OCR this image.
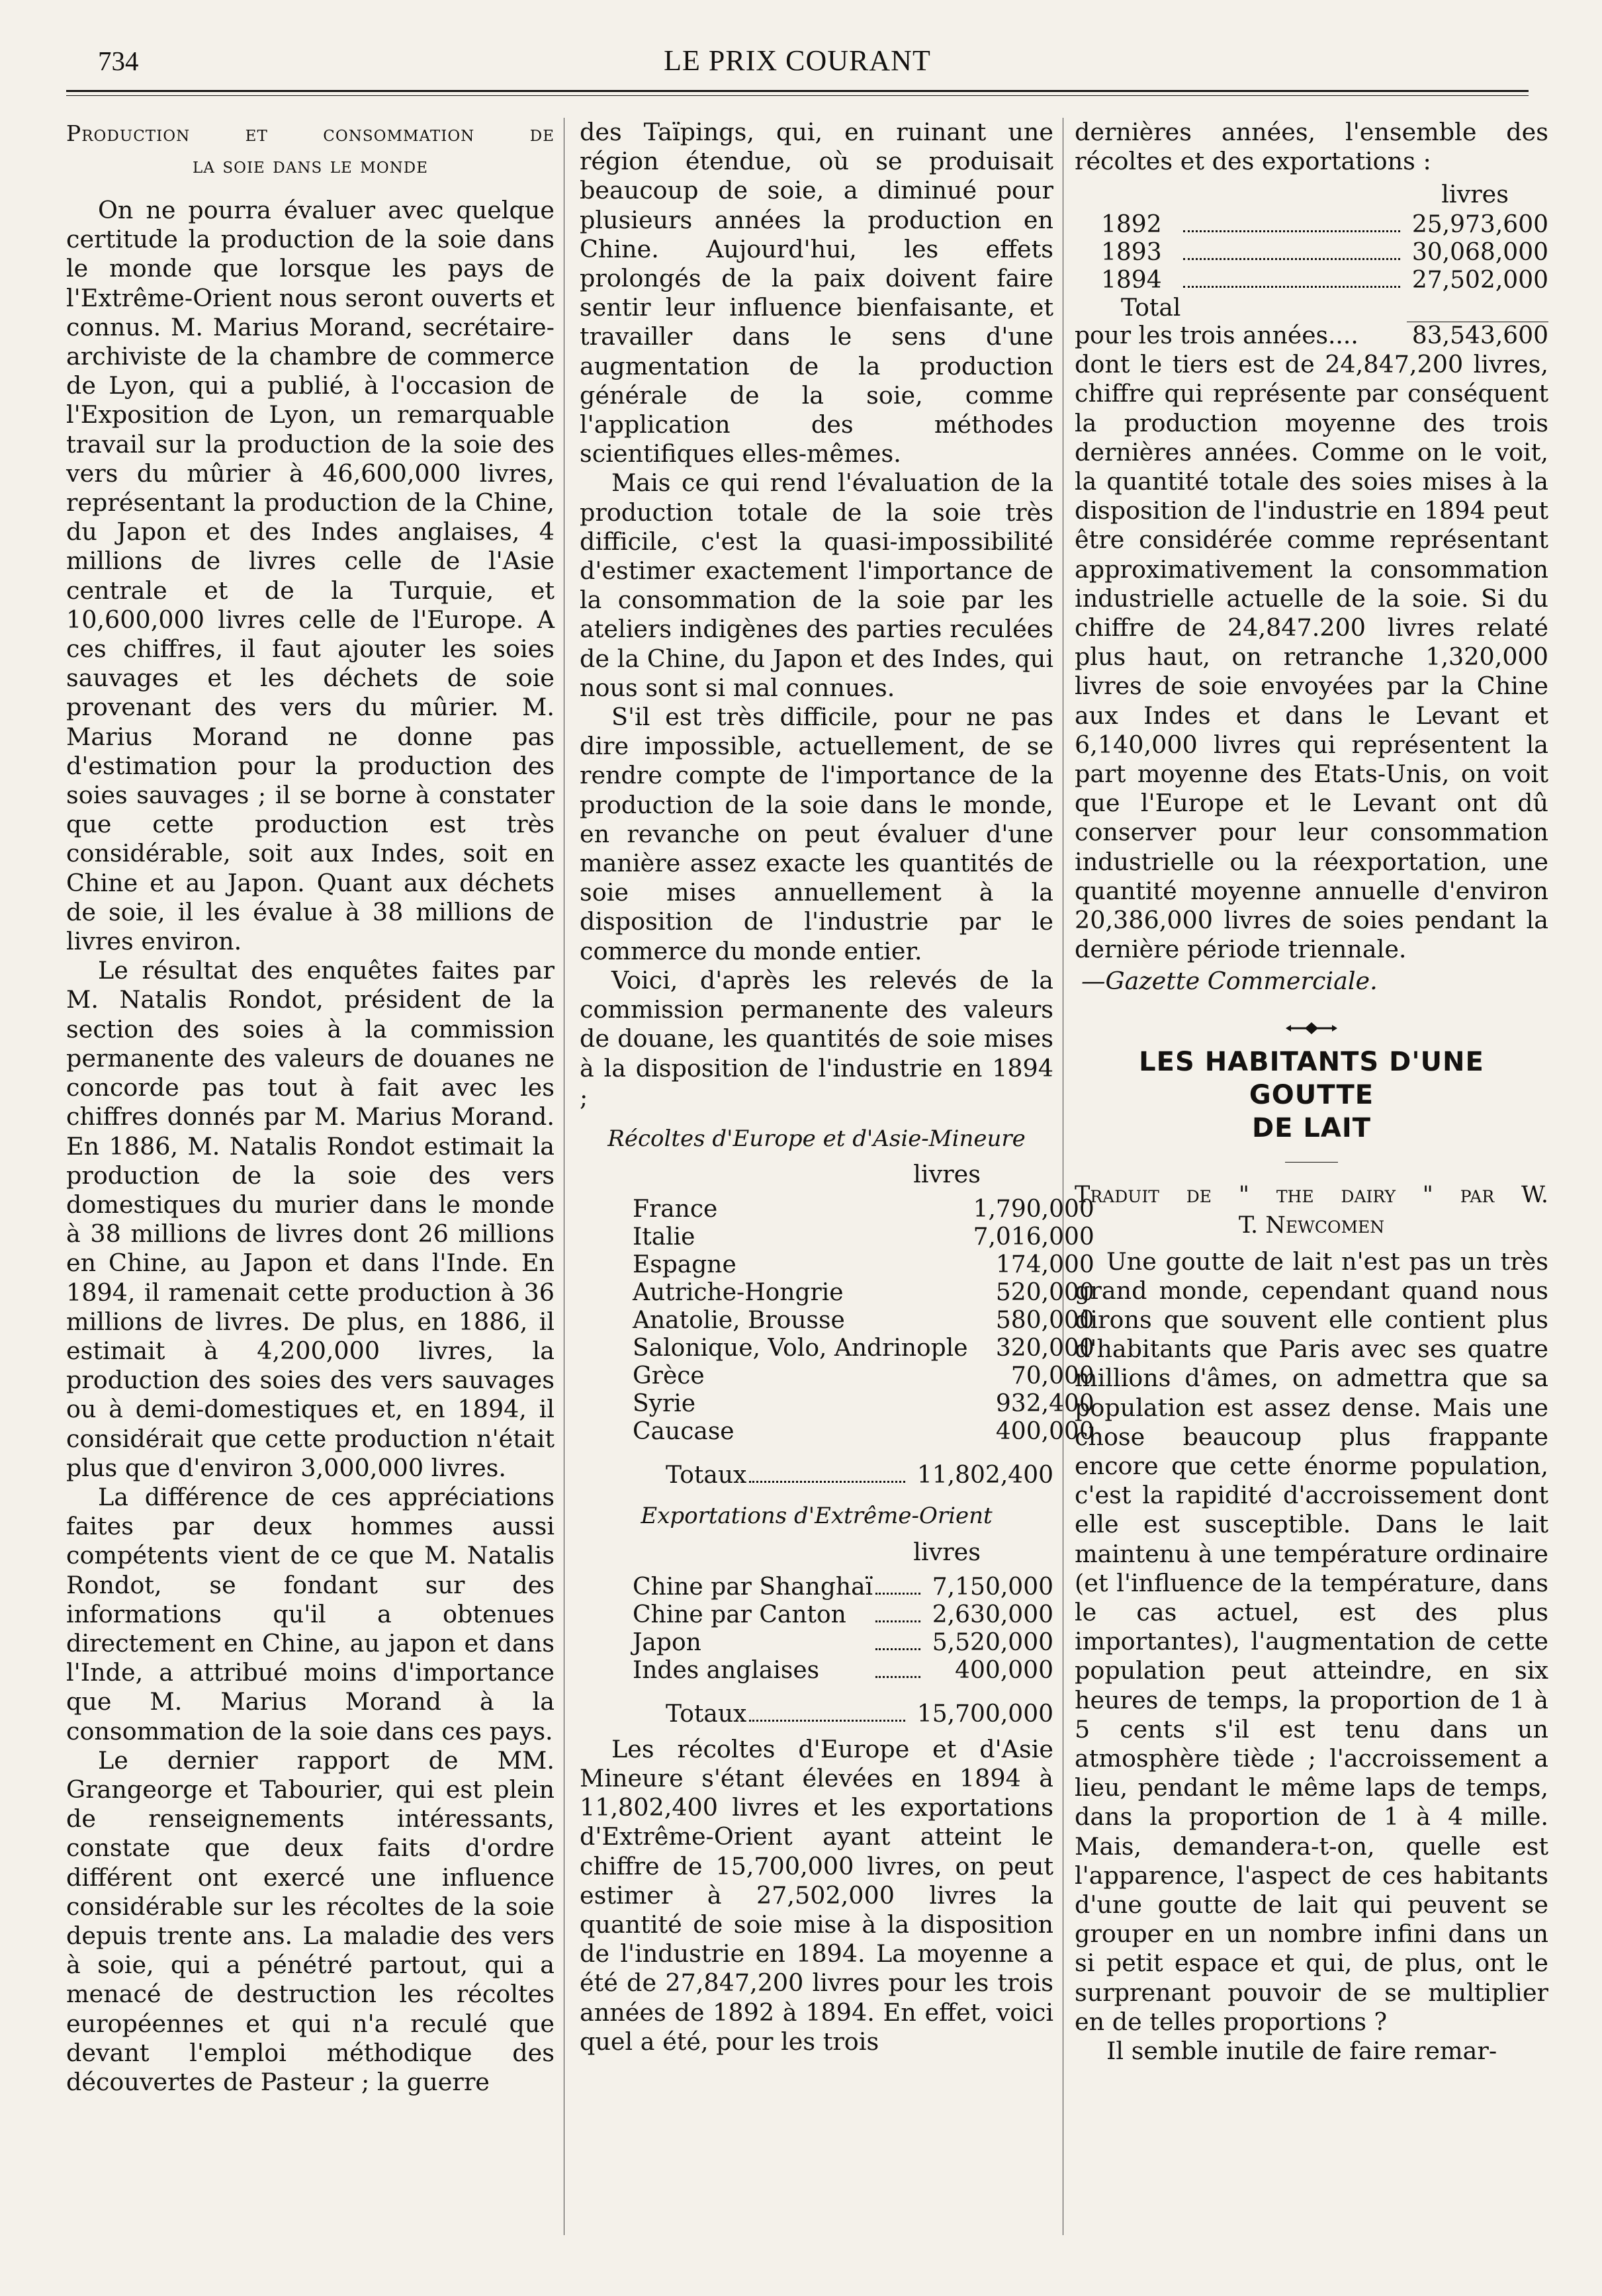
734	LE PRIX COURANT
Production et consommation de
la soie dans le monde

On ne pourra évaluer avec quelque certitude la production de la soie dans le monde que lorsque les pays de l'Extrême-Orient nous seront ouverts et connus. M. Marius Morand, secrétaire-archiviste de la chambre de commerce de Lyon, qui a publié, à l'occasion de l'Exposition de Lyon, un remarquable travail sur la production de la soie des vers du mûrier à 46,600,000 livres, représentant la production de la Chine, du Japon et des Indes anglaises, 4 millions de livres celle de l'Asie centrale et de la Turquie, et 10,600,000 livres celle de l'Europe. A ces chiffres, il faut ajouter les soies sauvages et les déchets de soie provenant des vers du mûrier. M. Marius Morand ne donne pas d'estimation pour la production des soies sauvages ; il se borne à constater que cette production est très considérable, soit aux Indes, soit en Chine et au Japon. Quant aux déchets de soie, il les évalue à 38 millions de livres environ.

Le résultat des enquêtes faites par M. Natalis Rondot, président de la section des soies à la commission permanente des valeurs de douanes ne concorde pas tout à fait avec les chiffres donnés par M. Marius Morand. En 1886, M. Natalis Rondot estimait la production de la soie des vers domestiques du murier dans le monde à 38 millions de livres dont 26 millions en Chine, au Japon et dans l'Inde. En 1894, il ramenait cette production à 36 millions de livres. De plus, en 1886, il estimait à 4,200,000 livres, la production des soies des vers sauvages ou à demi-domestiques et, en 1894, il considérait que cette production n'était plus que d'environ 3,000,000 livres.

La différence de ces appréciations faites par deux hommes aussi compétents vient de ce que M. Natalis Rondot, se fondant sur des informations qu'il a obtenues directement en Chine, au japon et dans l'Inde, a attribué moins d'importance que M. Marius Morand à la consommation de la soie dans ces pays.

Le dernier rapport de MM. Grangeorge et Tabourier, qui est plein de renseignements intéressants, constate que deux faits d'ordre différent ont exercé une influence considérable sur les récoltes de la soie depuis trente ans. La maladie des vers à soie, qui a pénétré partout, qui a menacé de destruction les récoltes européennes et qui n'a reculé que devant l'emploi méthodique des découvertes de Pasteur ; la guerre

des Taïpings, qui, en ruinant une région étendue, où se produisait beaucoup de soie, a diminué pour plusieurs années la production en Chine. Aujourd'hui, les effets prolongés de la paix doivent faire sentir leur influence bienfaisante, et travailler dans le sens d'une augmentation de la production générale de la soie, comme l'application des méthodes scientifiques elles-mêmes.

Mais ce qui rend l'évaluation de la production totale de la soie très difficile, c'est la quasi-impossibilité d'estimer exactement l'importance de la consommation de la soie par les ateliers indigènes des parties reculées de la Chine, du Japon et des Indes, qui nous sont si mal connues.

S'il est très difficile, pour ne pas dire impossible, actuellement, de se rendre compte de l'importance de la production de la soie dans le monde, en revanche on peut évaluer d'une manière assez exacte les quantités de soie mises annuellement à la disposition de l'industrie par le commerce du monde entier.

Voici, d'après les relevés de la commission permanente des valeurs de douane, les quantités de soie mises à la disposition de l'industrie en 1894 ;

Récoltes d'Europe et d'Asie-Mineure
livres
France		1,790,000
Italie		7,016,000
Espagne		174,000
Autriche-Hongrie		520,000
Anatolie, Brousse		580,000
Salonique, Volo, Andrinople		320,000
Grèce		70,000
Syrie		932,400
Caucase		400,000
Totaux		11,802,400
Exportations d'Extrême-Orient
livres
Chine par Shanghaï		7,150,000
Chine par Canton		2,630,000
Japon		5,520,000
Indes anglaises		400,000
Totaux		15,700,000

Les récoltes d'Europe et d'Asie Mineure s'étant élevées en 1894 à 11,802,400 livres et les exportations d'Extrême-Orient ayant atteint le chiffre de 15,700,000 livres, on peut estimer à 27,502,000 livres la quantité de soie mise à la disposition de l'industrie en 1894. La moyenne a été de 27,847,200 livres pour les trois années de 1892 à 1894. En effet, voici quel a été, pour les trois

dernières années, l'ensemble des récoltes et des exportations :

livres
1892		25,973,600
1893		30,068,000
1894		27,502,000
Total		
pour les trois années....		83,543,600

dont le tiers est de 24,847,200 livres, chiffre qui représente par conséquent la production moyenne des trois dernières années. Comme on le voit, la quantité totale des soies mises à la disposition de l'industrie en 1894 peut être considérée comme représentant approximativement la consommation industrielle actuelle de la soie. Si du chiffre de 24,847.200 livres relaté plus haut, on retranche 1,320,000 livres de soie envoyées par la Chine aux Indes et dans le Levant et 6,140,000 livres qui représentent la part moyenne des Etats-Unis, on voit que l'Europe et le Levant ont dû conserver pour leur consommation industrielle ou la réexportation, une quantité moyenne annuelle d'environ 20,386,000 livres de soies pendant la dernière période triennale.

—Gazette Commerciale.
LES HABITANTS D'UNE GOUTTE
DE LAIT
Traduit de " the dairy " par W.
T. Newcomen

Une goutte de lait n'est pas un très grand monde, cependant quand nous dirons que souvent elle contient plus d'habitants que Paris avec ses quatre millions d'âmes, on admettra que sa population est assez dense. Mais une chose beaucoup plus frappante encore que cette énorme population, c'est la rapidité d'accroissement dont elle est susceptible. Dans le lait maintenu à une température ordinaire (et l'influence de la température, dans le cas actuel, est des plus importantes), l'augmentation de cette population peut atteindre, en six heures de temps, la proportion de 1 à 5 cents s'il est tenu dans un atmosphère tiède ; l'accroissement a lieu, pendant le même laps de temps, dans la proportion de 1 à 4 mille. Mais, demandera-t-on, quelle est l'apparence, l'aspect de ces habitants d'une goutte de lait qui peuvent se grouper en un nombre infini dans un si petit espace et qui, de plus, ont le surprenant pouvoir de se multiplier en de telles proportions ?

Il semble inutile de faire remar-
